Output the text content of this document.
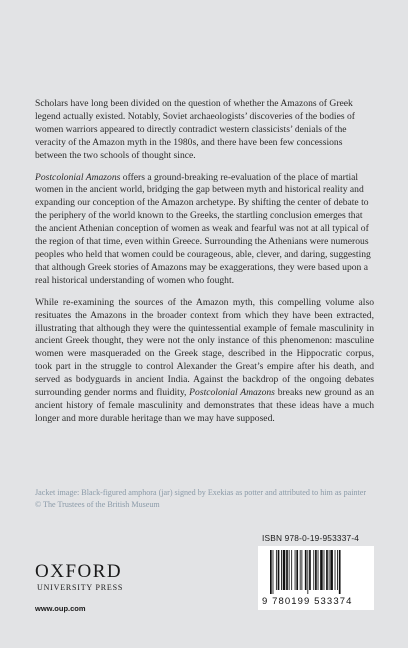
Scholars have long been divided on the question of whether the Amazons of Greek legend actually existed. Notably, Soviet archaeologists’ discoveries of the bodies of women warriors appeared to directly contradict western classicists’ denials of the veracity of the Amazon myth in the 1980s, and there have been few concessions between the two schools of thought since.

Postcolonial Amazons offers a ground-breaking re-evaluation of the place of martial women in the ancient world, bridging the gap between myth and historical reality and expanding our conception of the Amazon archetype. By shifting the center of debate to the periphery of the world known to the Greeks, the startling conclusion emerges that the ancient Athenian conception of women as weak and fearful was not at all typical of the region of that time, even within Greece. Surrounding the Athenians were numerous peoples who held that women could be courageous, able, clever, and daring, suggesting that although Greek stories of Amazons may be exaggerations, they were based upon a real historical understanding of women who fought.

While re-examining the sources of the Amazon myth, this compelling volume also resituates the Amazons in the broader context from which they have been extracted, illustrating that although they were the quintessential example of female masculinity in ancient Greek thought, they were not the only instance of this phenomenon: masculine women were masqueraded on the Greek stage, described in the Hippocratic corpus, took part in the struggle to control Alexander the Great’s empire after his death, and served as bodyguards in ancient India. Against the backdrop of the ongoing debates surrounding gender norms and fluidity, Postcolonial Amazons breaks new ground as an ancient history of female masculinity and demonstrates that these ideas have a much longer and more durable heritage than we may have supposed.

Jacket image: Black-figured amphora (jar) signed by Exekias as potter and attributed to him as painter
© The Trustees of the British Museum
OXFORD
UNIVERSITY PRESS
www.oup.com
ISBN 978-0-19-953337-4
9 780199 533374
